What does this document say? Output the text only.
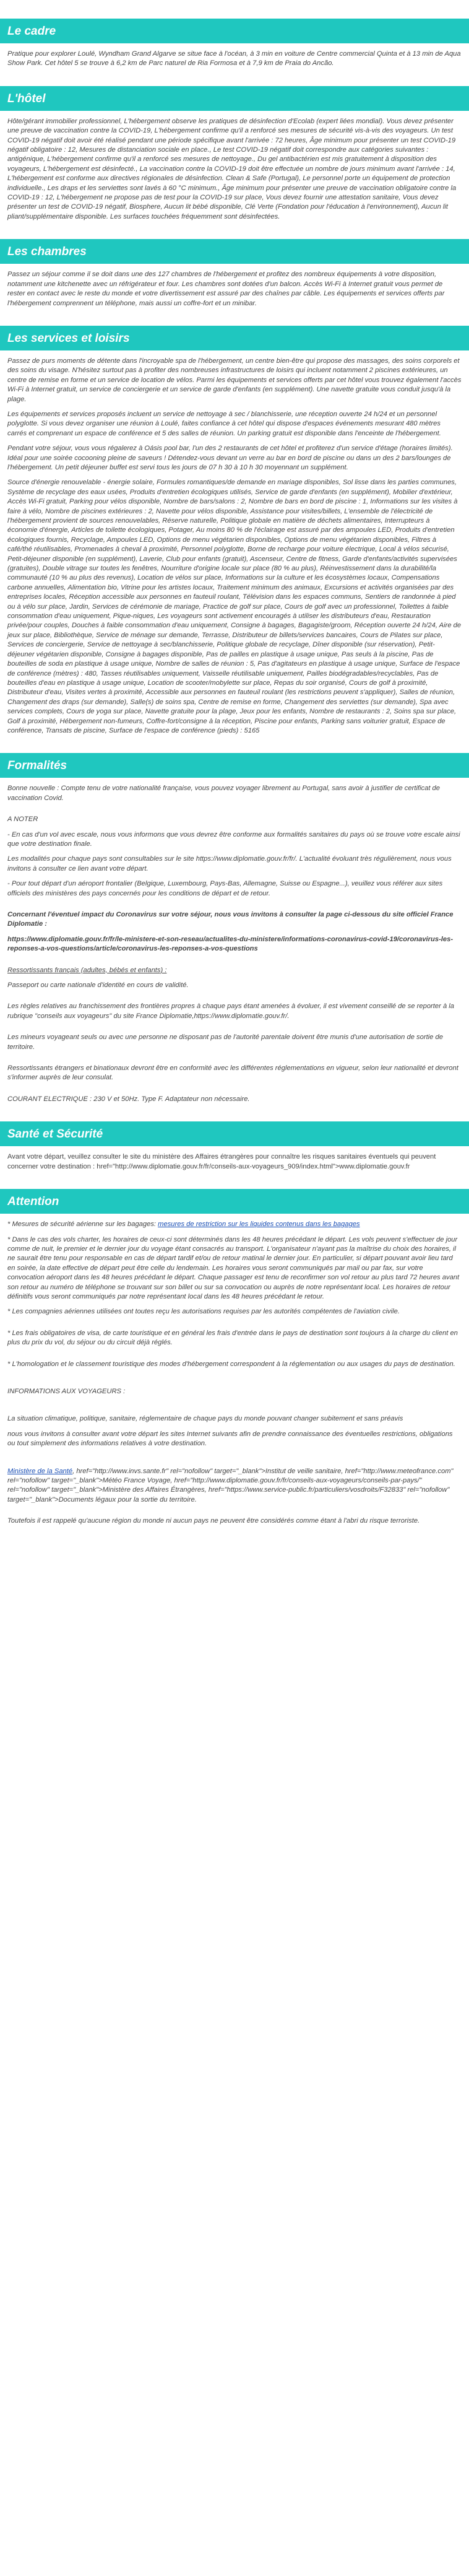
Le cadre

Pratique pour explorer Loulé, Wyndham Grand Algarve se situe face à l'océan, à 3 min en voiture de Centre commercial Quinta et à 13 min de Aqua Show Park. Cet hôtel 5 se trouve à 6,2 km de Parc naturel de Ria Formosa et à 7,9 km de Praia do Ancão.

L'hôtel

Hôte/gérant immobilier professionnel, L'hébergement observe les pratiques de désinfection d'Ecolab (expert liées mondial). Vous devez présenter une preuve de vaccination contre la COVID-19, L'hébergement confirme qu'il a renforcé ses mesures de sécurité vis-à-vis des voyageurs. Un test COVID-19 négatif doit avoir été réalisé pendant une période spécifique avant l'arrivée : 72 heures, Âge minimum pour présenter un test COVID-19 négatif obligatoire : 12, Mesures de distanciation sociale en place., Le test COVID-19 négatif doit correspondre aux catégories suivantes : antigénique, L'hébergement confirme qu'il a renforcé ses mesures de nettoyage., Du gel antibactérien est mis gratuitement à disposition des voyageurs, L'hébergement est désinfecté., La vaccination contre la COVID-19 doit être effectuée un nombre de jours minimum avant l'arrivée : 14, L'hébergement est conforme aux directives régionales de désinfection. Clean & Safe (Portugal), Le personnel porte un équipement de protection individuelle., Les draps et les serviettes sont lavés à 60 °C minimum., Âge minimum pour présenter une preuve de vaccination obligatoire contre la COVID-19 : 12, L'hébergement ne propose pas de test pour la COVID-19 sur place, Vous devez fournir une attestation sanitaire, Vous devez présenter un test de COVID-19 négatif, Biosphere, Aucun lit bébé disponible, Clé Verte (Fondation pour l'éducation à l'environnement), Aucun lit pliant/supplémentaire disponible. Les surfaces touchées fréquemment sont désinfectées.

Les chambres

Passez un séjour comme il se doit dans une des 127 chambres de l'hébergement et profitez des nombreux équipements à votre disposition, notamment une kitchenette avec un réfrigérateur et four. Les chambres sont dotées d'un balcon. Accès Wi-Fi à Internet gratuit vous permet de rester en contact avec le reste du monde et votre divertissement est assuré par des chaînes par câble. Les équipements et services offerts par l'hébergement comprennent un téléphone, mais aussi un coffre-fort et un minibar.

Les services et loisirs

Passez de purs moments de détente dans l'incroyable spa de l'hébergement, un centre bien-être qui propose des massages, des soins corporels et des soins du visage. N'hésitez surtout pas à profiter des nombreuses infrastructures de loisirs qui incluent notamment 2 piscines extérieures, un centre de remise en forme et un service de location de vélos. Parmi les équipements et services offerts par cet hôtel vous trouvez également l'accès Wi-Fi à Internet gratuit, un service de conciergerie et un service de garde d'enfants (en supplément). Une navette gratuite vous conduit jusqu'à la plage.

Les équipements et services proposés incluent un service de nettoyage à sec / blanchisserie, une réception ouverte 24 h/24 et un personnel polyglotte. Si vous devez organiser une réunion à Loulé, faites confiance à cet hôtel qui dispose d'espaces événements mesurant 480 mètres carrés et comprenant un espace de conférence et 5 des salles de réunion. Un parking gratuit est disponible dans l'enceinte de l'hébergement.

Pendant votre séjour, vous vous régalerez à Oásis pool bar, l'un des 2 restaurants de cet hôtel et profiterez d'un service d'étage (horaires limités). Idéal pour une soirée cocooning pleine de saveurs ! Détendez-vous devant un verre au bar en bord de piscine ou dans un des 2 bars/lounges de l'hébergement. Un petit déjeuner buffet est servi tous les jours de 07 h 30 à 10 h 30 moyennant un supplément.

Source d'énergie renouvelable - énergie solaire, Formules romantiques/de demande en mariage disponibles, Sol lisse dans les parties communes, Système de recyclage des eaux usées, Produits d'entretien écologiques utilisés, Service de garde d'enfants (en supplément), Mobilier d'extérieur, Accès Wi-Fi gratuit, Parking pour vélos disponible, Nombre de bars/salons : 2, Nombre de bars en bord de piscine : 1, Informations sur les visites à faire à vélo, Nombre de piscines extérieures : 2, Navette pour vélos disponible, Assistance pour visites/billets, L'ensemble de l'électricité de l'hébergement provient de sources renouvelables, Réserve naturelle, Politique globale en matière de déchets alimentaires, Interrupteurs à économie d'énergie, Articles de toilette écologiques, Potager, Au moins 80 % de l'éclairage est assuré par des ampoules LED, Produits d'entretien écologiques fournis, Recyclage, Ampoules LED, Options de menu végétarien disponibles, Options de menu végétarien disponibles, Filtres à café/thé réutilisables, Promenades à cheval à proximité, Personnel polyglotte, Borne de recharge pour voiture électrique, Local à vélos sécurisé, Petit-déjeuner disponible (en supplément), Laverie, Club pour enfants (gratuit), Ascenseur, Centre de fitness, Garde d'enfants/activités supervisées (gratuites), Double vitrage sur toutes les fenêtres, Nourriture d'origine locale sur place (80 % au plus), Réinvestissement dans la durabilité/la communauté (10 % au plus des revenus), Location de vélos sur place, Informations sur la culture et les écosystèmes locaux, Compensations carbone annuelles, Alimentation bio, Vitrine pour les artistes locaux, Traitement minimum des animaux, Excursions et activités organisées par des entreprises locales, Réception accessible aux personnes en fauteuil roulant, Télévision dans les espaces communs, Sentiers de randonnée à pied ou à vélo sur place, Jardin, Services de cérémonie de mariage, Practice de golf sur place, Cours de golf avec un professionnel, Toilettes à faible consommation d'eau uniquement, Pique-niques, Les voyageurs sont activement encouragés à utiliser les distributeurs d'eau, Restauration privée/pour couples, Douches à faible consommation d'eau uniquement, Consigne à bagages, Bagagiste/groom, Réception ouverte 24 h/24, Aire de jeux sur place, Bibliothèque, Service de ménage sur demande, Terrasse, Distributeur de billets/services bancaires, Cours de Pilates sur place, Services de conciergerie, Service de nettoyage à sec/blanchisserie, Politique globale de recyclage, Dîner disponible (sur réservation), Petit-déjeuner végétarien disponible, Consigne à bagages disponible, Pas de pailles en plastique à usage unique, Pas seuls à la piscine, Pas de bouteilles de soda en plastique à usage unique, Nombre de salles de réunion : 5, Pas d'agitateurs en plastique à usage unique, Surface de l'espace de conférence (mètres) : 480, Tasses réutilisables uniquement, Vaisselle réutilisable uniquement, Pailles biodégradables/recyclables, Pas de bouteilles d'eau en plastique à usage unique, Location de scooter/mobylette sur place, Repas du soir organisé, Cours de golf à proximité, Distributeur d'eau, Visites vertes à proximité, Accessible aux personnes en fauteuil roulant (les restrictions peuvent s'appliquer), Salles de réunion, Changement des draps (sur demande), Salle(s) de soins spa, Centre de remise en forme, Changement des serviettes (sur demande), Spa avec services complets, Cours de yoga sur place, Navette gratuite pour la plage, Jeux pour les enfants, Nombre de restaurants : 2, Soins spa sur place, Golf à proximité, Hébergement non-fumeurs, Coffre-fort/consigne à la réception, Piscine pour enfants, Parking sans voiturier gratuit, Espace de conférence, Transats de piscine, Surface de l'espace de conférence (pieds) : 5165

Formalités

Bonne nouvelle : Compte tenu de votre nationalité française, vous pouvez voyager librement au Portugal, sans avoir à justifier de certificat de vaccination Covid.

A NOTER

- En cas d'un vol avec escale, nous vous informons que vous devrez être conforme aux formalités sanitaires du pays où se trouve votre escale ainsi que votre destination finale.

Les modalités pour chaque pays sont consultables sur le site https://www.diplomatie.gouv.fr/fr/. L'actualité évoluant très régulièrement, nous vous invitons à consulter ce lien avant votre départ.

- Pour tout départ d'un aéroport frontalier (Belgique, Luxembourg, Pays-Bas, Allemagne, Suisse ou Espagne...), veuillez vous référer aux sites officiels des ministères des pays concernés pour les conditions de départ et de retour.

Concernant l'éventuel impact du Coronavirus sur votre séjour, nous vous invitons à consulter la page ci-dessous du site officiel France Diplomatie :

https://www.diplomatie.gouv.fr/fr/le-ministere-et-son-reseau/actualites-du-ministere/informations-coronavirus-covid-19/coronavirus-les-reponses-a-vos-questions/article/coronavirus-les-reponses-a-vos-questions

Ressortissants français (adultes, bébés et enfants) :

Passeport ou carte nationale d'identité en cours de validité.

Les règles relatives au franchissement des frontières propres à chaque pays étant amenées à évoluer, il est vivement conseillé de se reporter à la rubrique "conseils aux voyageurs" du site France Diplomatie,https://www.diplomatie.gouv.fr/.

Les mineurs voyageant seuls ou avec une personne ne disposant pas de l'autorité parentale doivent être munis d'une autorisation de sortie de territoire.

Ressortissants étrangers et binationaux devront être en conformité avec les différentes réglementations en vigueur, selon leur nationalité et devront s'informer auprès de leur consulat.

COURANT ELECTRIQUE : 230 V et 50Hz. Type F. Adaptateur non nécessaire.

Santé et Sécurité

Avant votre départ, veuillez consulter le site du ministère des Affaires étrangères pour connaître les risques sanitaires éventuels qui peuvent concerner votre destination : href="http://www.diplomatie.gouv.fr/fr/conseils-aux-voyageurs_909/index.html">www.diplomatie.gouv.fr

Attention

* Mesures de sécurité aérienne sur les bagages: mesures de restriction sur les liquides contenus dans les bagages

* Dans le cas des vols charter, les horaires de ceux-ci sont déterminés dans les 48 heures précédant le départ. Les vols peuvent s'effectuer de jour comme de nuit, le premier et le dernier jour du voyage étant consacrés au transport. L'organisateur n'ayant pas la maîtrise du choix des horaires, il ne saurait être tenu pour responsable en cas de départ tardif et/ou de retour matinal le dernier jour. En particulier, si départ pouvant avoir lieu tard en soirée, la date effective de départ peut être celle du lendemain. Les horaires vous seront communiqués par mail ou par fax, sur votre convocation aéroport dans les 48 heures précédant le départ. Chaque passager est tenu de reconfirmer son vol retour au plus tard 72 heures avant son retour au numéro de téléphone se trouvant sur son billet ou sur sa convocation ou auprès de notre représentant local. Les horaires de retour définitifs vous seront communiqués par notre représentant local dans les 48 heures précédant le retour.

* Les compagnies aériennes utilisées ont toutes reçu les autorisations requises par les autorités compétentes de l'aviation civile.

* Les frais obligatoires de visa, de carte touristique et en général les frais d'entrée dans le pays de destination sont toujours à la charge du client en plus du prix du vol, du séjour ou du circuit déjà réglés.

* L'homologation et le classement touristique des modes d'hébergement correspondent à la réglementation ou aux usages du pays de destination.

INFORMATIONS AUX VOYAGEURS :

La situation climatique, politique, sanitaire, réglementaire de chaque pays du monde pouvant changer subitement et sans préavis

nous vous invitons à consulter avant votre départ les sites Internet suivants afin de prendre connaissance des éventuelles restrictions, obligations ou tout simplement des informations relatives à votre destination.

Ministère de la Santé, href="http://www.invs.sante.fr" rel="nofollow" target="_blank">Institut de veille sanitaire, href="http://www.meteofrance.com" rel="nofollow" target="_blank">Météo France Voyage, href="http://www.diplomatie.gouv.fr/fr/conseils-aux-voyageurs/conseils-par-pays/" rel="nofollow" target="_blank">Ministère des Affaires Étrangères, href="https://www.service-public.fr/particuliers/vosdroits/F32833" rel="nofollow" target="_blank">Documents légaux pour la sortie du territoire.

Toutefois il est rappelé qu'aucune région du monde ni aucun pays ne peuvent être considérés comme étant à l'abri du risque terroriste.
